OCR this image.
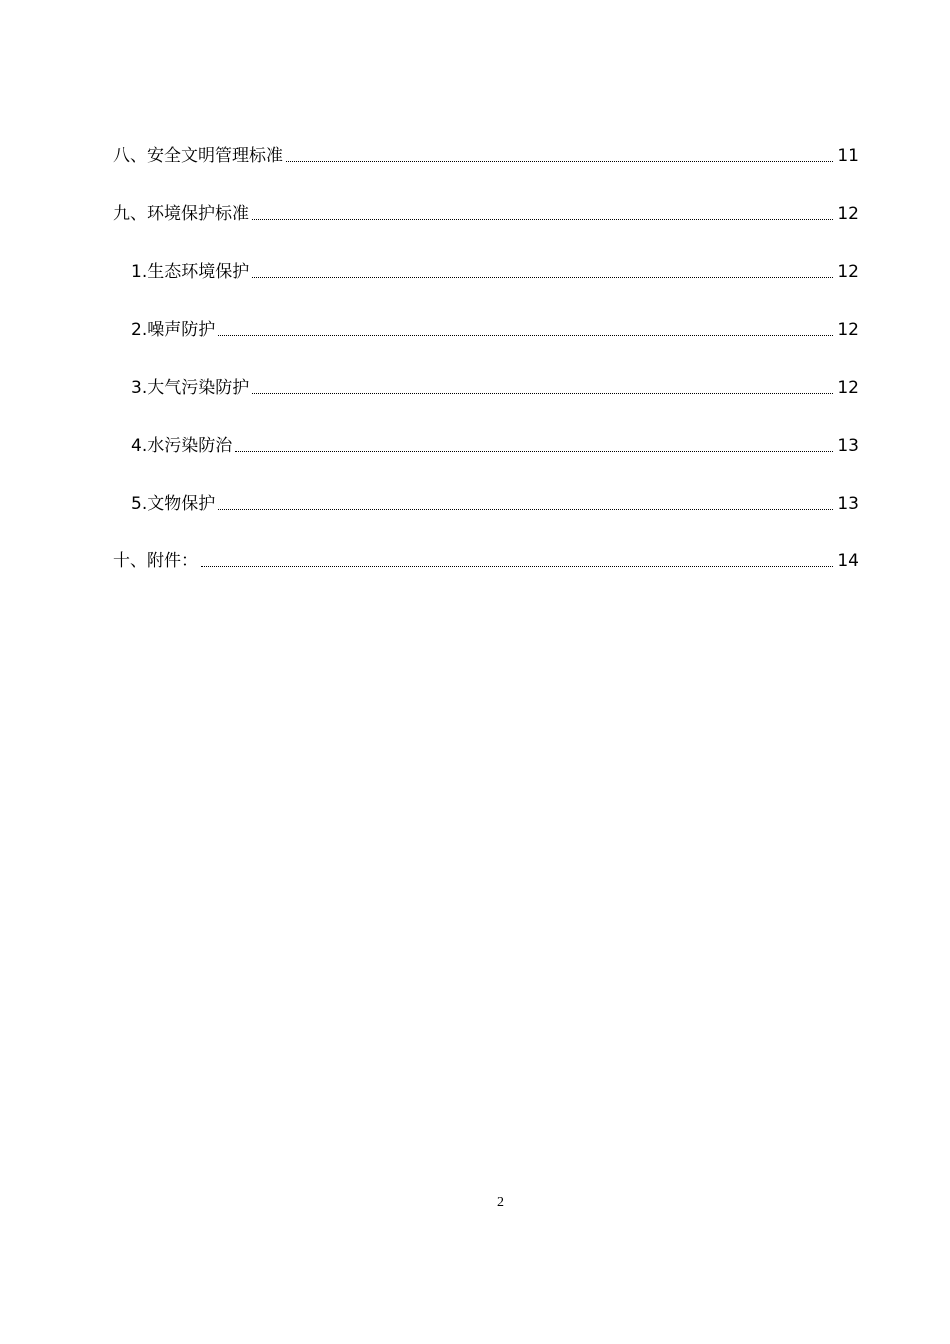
八、安全文明管理标准	11
九、环境保护标准	12
1.生态环境保护	12
2.噪声防护	12
3.大气污染防护	12
4.水污染防治	13
5.文物保护	13
十、附件：	14
2
